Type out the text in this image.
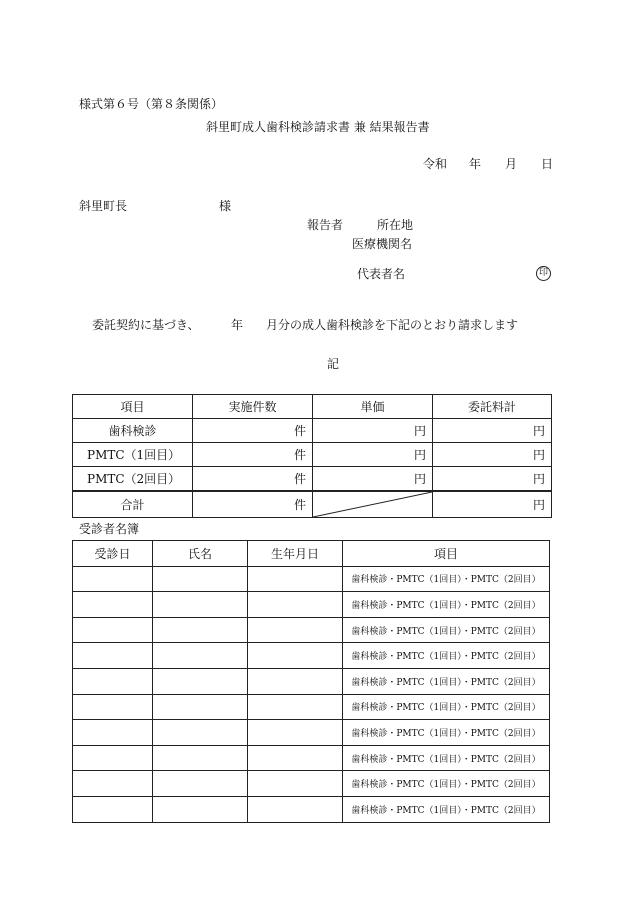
様式第６号（第８条関係）
斜里町成人歯科検診請求書 兼 結果報告書
令和 年 月 日
斜里町長	様
報告者	所在地
医療機関名
代表者名	印
委託契約に基づき、	年 月分の成人歯科検診を下記のとおり請求します
記
項目	実施件数	単価	委託料計
歯科検診	件	円	円
PMTC（1回目）	件	円	円
PMTC（2回目）	件	円	円
合計	件		円
受診者名簿
受診日	氏名	生年月日	項目
			歯科検診・PMTC（1回目）・PMTC（2回目）
			歯科検診・PMTC（1回目）・PMTC（2回目）
			歯科検診・PMTC（1回目）・PMTC（2回目）
			歯科検診・PMTC（1回目）・PMTC（2回目）
			歯科検診・PMTC（1回目）・PMTC（2回目）
			歯科検診・PMTC（1回目）・PMTC（2回目）
			歯科検診・PMTC（1回目）・PMTC（2回目）
			歯科検診・PMTC（1回目）・PMTC（2回目）
			歯科検診・PMTC（1回目）・PMTC（2回目）
			歯科検診・PMTC（1回目）・PMTC（2回目）
